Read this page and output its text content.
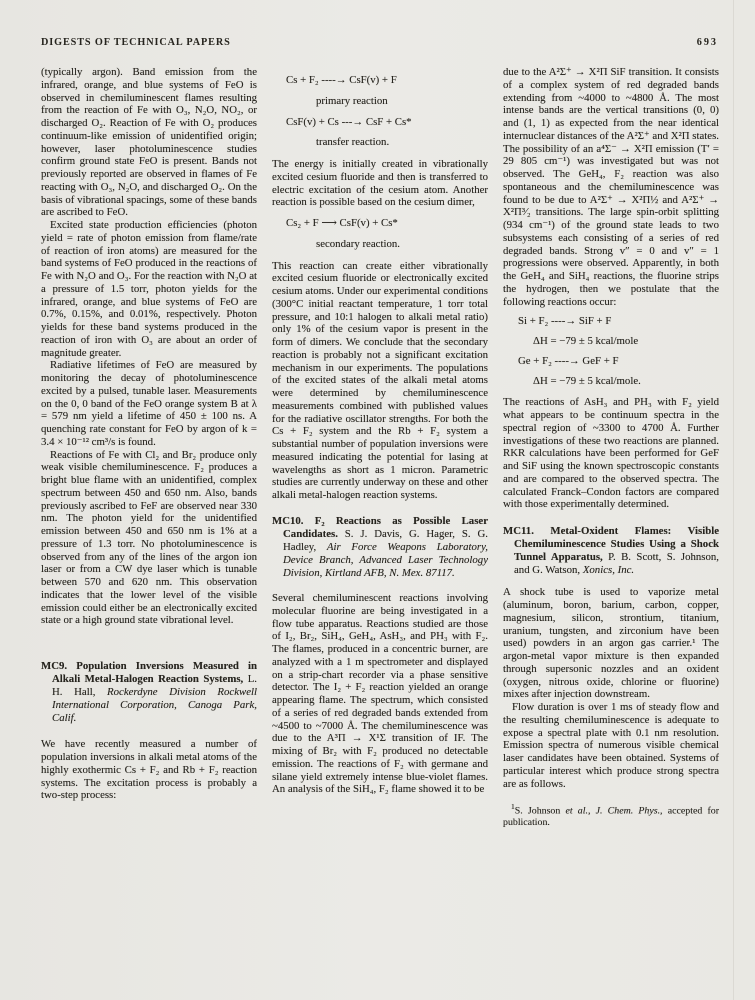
DIGESTS OF TECHNICAL PAPERS	693

(typically argon). Band emission from the infrared, orange, and blue systems of FeO is observed in chemiluminescent flames resulting from the reaction of Fe with O₃, N₂O, NO₂, or discharged O₂. Reaction of Fe with O₂ produces continuum-like emission of unidentified origin; however, laser photoluminescence studies confirm ground state FeO is present. Bands not previously reported are observed in flames of Fe reacting with O₃, N₂O, and discharged O₂. On the basis of vibrational spacings, some of these bands are ascribed to FeO.

Excited state production efficiencies (photon yield = rate of photon emission from flame/rate of reaction of iron atoms) are measured for the band systems of FeO produced in the reactions of Fe with N₂O and O₃. For the reaction with N₂O at a pressure of 1.5 torr, photon yields for the infrared, orange, and blue systems of FeO are 0.7%, 0.15%, and 0.01%, respectively. Photon yields for these band systems produced in the reaction of iron with O₃ are about an order of magnitude greater.

Radiative lifetimes of FeO are measured by monitoring the decay of photoluminescence excited by a pulsed, tunable laser. Measurements on the 0, 0 band of the FeO orange system B at λ = 579 nm yield a lifetime of 450 ± 100 ns. A quenching rate constant for FeO by argon of k = 3.4 × 10⁻¹² cm³/s is found.

Reactions of Fe with Cl₂ and Br₂ produce only weak visible chemiluminescence. F₂ produces a bright blue flame with an unidentified, complex spectrum between 450 and 650 nm. Also, bands previously ascribed to FeF are observed near 330 nm. The photon yield for the unidentified emission between 450 and 650 nm is 1% at a pressure of 1.3 torr. No photoluminescence is observed from any of the lines of the argon ion laser or from a CW dye laser which is tunable between 570 and 620 nm. This observation indicates that the lower level of the visible emission could either be an electronically excited state or a high ground state vibrational level.

MC9. Population Inversions Measured in Alkali Metal-Halogen Reaction Systems, L. H. Hall, Rockerdyne Division Rockwell International Corporation, Canoga Park, Calif.

We have recently measured a number of population inversions in alkali metal atoms of the highly exothermic Cs + F₂ and Rb + F₂ reaction systems. The excitation process is probably a two-step process:

Cs + F₂ ----→ CsF(v) + F
primary reaction
CsF(v) + Cs ---→ CsF + Cs*
transfer reaction.

The energy is initially created in vibrationally excited cesium fluoride and then is transferred to electric excitation of the cesium atom. Another reaction is possible based on the cesium dimer,

Cs₂ + F ⟶ CsF(v) + Cs*
secondary reaction.

This reaction can create either vibrationally excited cesium fluoride or electronically excited cesium atoms. Under our experimental conditions (300°C initial reactant temperature, 1 torr total pressure, and 10:1 halogen to alkali metal ratio) only 1% of the cesium vapor is present in the form of dimers. We conclude that the secondary reaction is probably not a significant excitation mechanism in our experiments. The populations of the excited states of the alkali metal atoms were determined by chemiluminescence measurements combined with published values for the radiative oscillator strengths. For both the Cs + F₂ system and the Rb + F₂ system a substantial number of population inversions were measured indicating the potential for lasing at wavelengths as short as 1 micron. Parametric studies are currently underway on these and other alkali metal-halogen reaction systems.

MC10. F₂ Reactions as Possible Laser Candidates. S. J. Davis, G. Hager, S. G. Hadley, Air Force Weapons Laboratory, Device Branch, Advanced Laser Technology Division, Kirtland AFB, N. Mex. 87117.

Several chemiluminescent reactions involving molecular fluorine are being investigated in a flow tube apparatus. Reactions studied are those of I₂, Br₂, SiH₄, GeH₄, AsH₃, and PH₃ with F₂. The flames, produced in a concentric burner, are analyzed with a 1 m spectrometer and displayed on a strip-chart recorder via a phase sensitive detector. The I₂ + F₂ reaction yielded an orange appearing flame. The spectrum, which consisted of a series of red degraded bands extended from ~4500 to ~7000 Å. The chemiluminescence was due to the A³Π → X¹Σ transition of IF. The mixing of Br₂ with F₂ produced no detectable emission. The reactions of F₂ with germane and silane yield extremely intense blue-violet flames. An analysis of the SiH₄, F₂ flame showed it to be

due to the A²Σ⁺ → X²Π SiF transition. It consists of a complex system of red degraded bands extending from ~4000 to ~4800 Å. The most intense bands are the vertical transitions (0, 0) and (1, 1) as expected from the near identical internuclear distances of the A²Σ⁺ and X²Π states. The possibility of an a⁴Σ⁻ → X²Π emission (T′ = 29 805 cm⁻¹) was investigated but was not observed. The GeH₄, F₂ reaction was also spontaneous and the chemiluminescence was found to be due to A²Σ⁺ → X²Π½ and A²Σ⁺ → X²Π³⁄₂ transitions. The large spin-orbit splitting (934 cm⁻¹) of the ground state leads to two subsystems each consisting of a series of red degraded bands. Strong v″ = 0 and v″ = 1 progressions were observed. Apparently, in both the GeH₄ and SiH₄ reactions, the fluorine strips the hydrogen, then we postulate that the following reactions occur:

Si + F₂ ----→ SiF + F
ΔH = −79 ± 5 kcal/mole
Ge + F₂ ----→ GeF + F
ΔH = −79 ± 5 kcal/mole.

The reactions of AsH₃ and PH₃ with F₂ yield what appears to be continuum spectra in the spectral region of ~3300 to 4700 Å. Further investigations of these two reactions are planned. RKR calculations have been performed for GeF and SiF using the known spectroscopic constants and are compared to the observed spectra. The calculated Franck–Condon factors are compared with those experimentally determined.

MC11. Metal-Oxident Flames: Visible Chemiluminescence Studies Using a Shock Tunnel Apparatus, P. B. Scott, S. Johnson, and G. Watson, Xonics, Inc.

A shock tube is used to vaporize metal (aluminum, boron, barium, carbon, copper, magnesium, silicon, strontium, titanium, uranium, tungsten, and zirconium have been used) powders in an argon gas carrier.¹ The argon-metal vapor mixture is then expanded through supersonic nozzles and an oxident (oxygen, nitrous oxide, chlorine or fluorine) mixes after injection downstream.

Flow duration is over 1 ms of steady flow and the resulting chemiluminescence is adequate to expose a spectral plate with 0.1 nm resolution. Emission spectra of numerous visible chemical laser candidates have been obtained. Systems of particular interest which produce strong spectra are as follows.

$^1$S. Johnson et al., J. Chem. Phys., accepted for publication.
